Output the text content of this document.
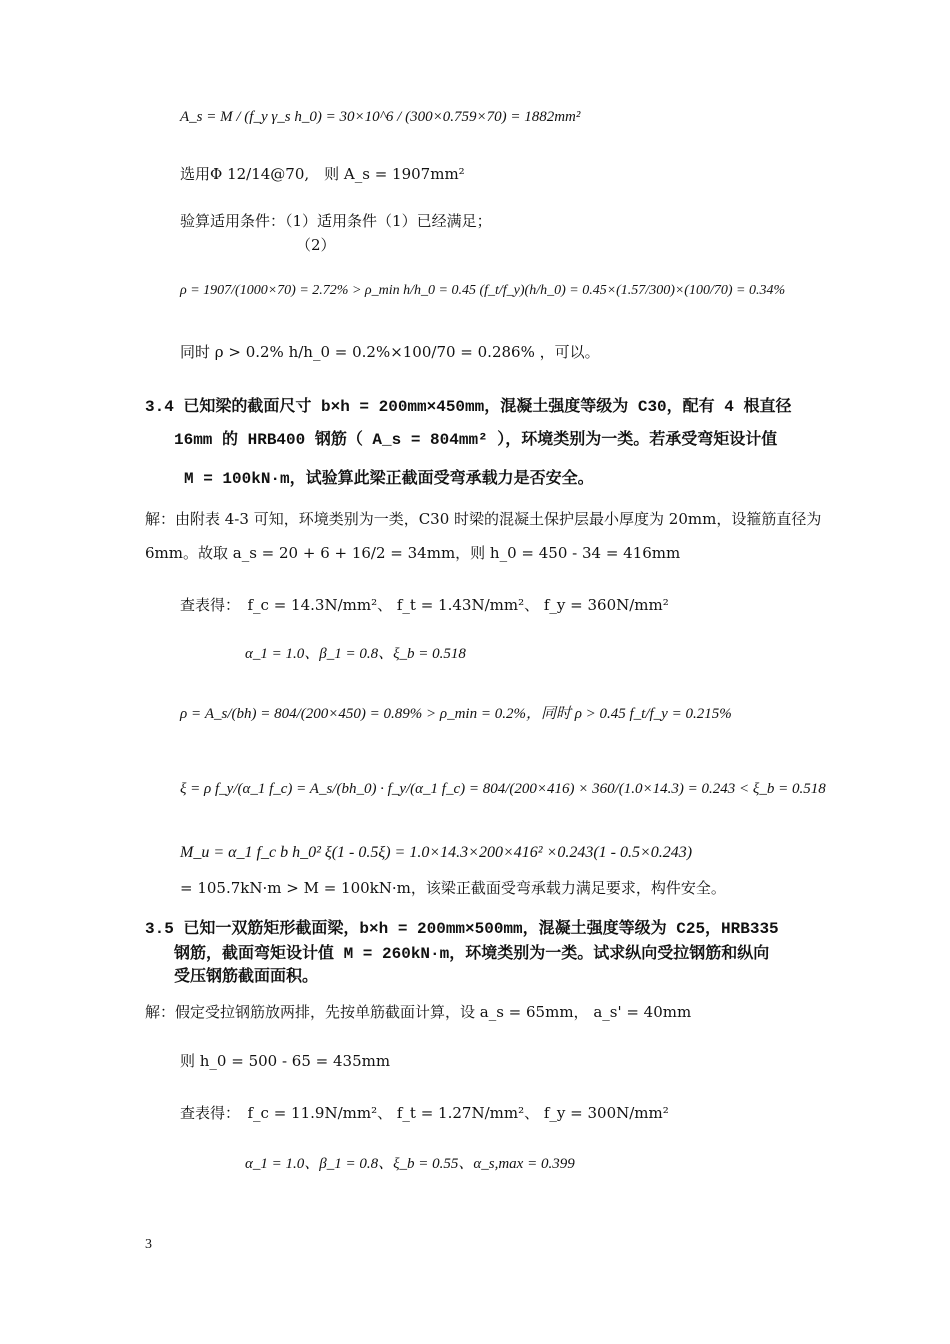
A_s = M / (f_y γ_s h_0) = 30×10^6 / (300×0.759×70) = 1882mm²
选用Φ 12/14@70,　则 A_s = 1907mm²
验算适用条件：（1）适用条件（1）已经满足；
（2）
ρ = 1907/(1000×70) = 2.72% > ρ_min h/h_0 = 0.45 (f_t/f_y)(h/h_0) = 0.45×(1.57/300)×(100/70) = 0.34%
同时 ρ > 0.2% h/h_0 = 0.2%×100/70 = 0.286% ，可以。
3.4 已知梁的截面尺寸 b×h = 200mm×450mm，混凝土强度等级为 C30，配有 4 根直径
16mm 的 HRB400 钢筋（ A_s = 804mm² ），环境类别为一类。若承受弯矩设计值
M = 100kN·m，试验算此梁正截面受弯承载力是否安全。
解：由附表 4-3 可知，环境类别为一类，C30 时梁的混凝土保护层最小厚度为 20mm，设箍筋直径为
6mm。故取 a_s = 20 + 6 + 16/2 = 34mm，则 h_0 = 450 - 34 = 416mm
查表得：　f_c = 14.3N/mm²、 f_t = 1.43N/mm²、 f_y = 360N/mm²
α_1 = 1.0、β_1 = 0.8、ξ_b = 0.518
ρ = A_s/(bh) = 804/(200×450) = 0.89% > ρ_min = 0.2%，同时 ρ > 0.45 f_t/f_y = 0.215%
ξ = ρ f_y/(α_1 f_c) = A_s/(bh_0) · f_y/(α_1 f_c) = 804/(200×416) × 360/(1.0×14.3) = 0.243 < ξ_b = 0.518
M_u = α_1 f_c b h_0² ξ(1 - 0.5ξ) = 1.0×14.3×200×416² ×0.243(1 - 0.5×0.243)
= 105.7kN·m > M = 100kN·m，该梁正截面受弯承载力满足要求，构件安全。
3.5 已知一双筋矩形截面梁，b×h = 200mm×500mm，混凝土强度等级为 C25，HRB335
钢筋，截面弯矩设计值 M = 260kN·m，环境类别为一类。试求纵向受拉钢筋和纵向
受压钢筋截面面积。
解：假定受拉钢筋放两排，先按单筋截面计算，设 a_s = 65mm， a_s' = 40mm
则 h_0 = 500 - 65 = 435mm
查表得：　f_c = 11.9N/mm²、 f_t = 1.27N/mm²、 f_y = 300N/mm²
α_1 = 1.0、β_1 = 0.8、ξ_b = 0.55、α_s,max = 0.399
3
